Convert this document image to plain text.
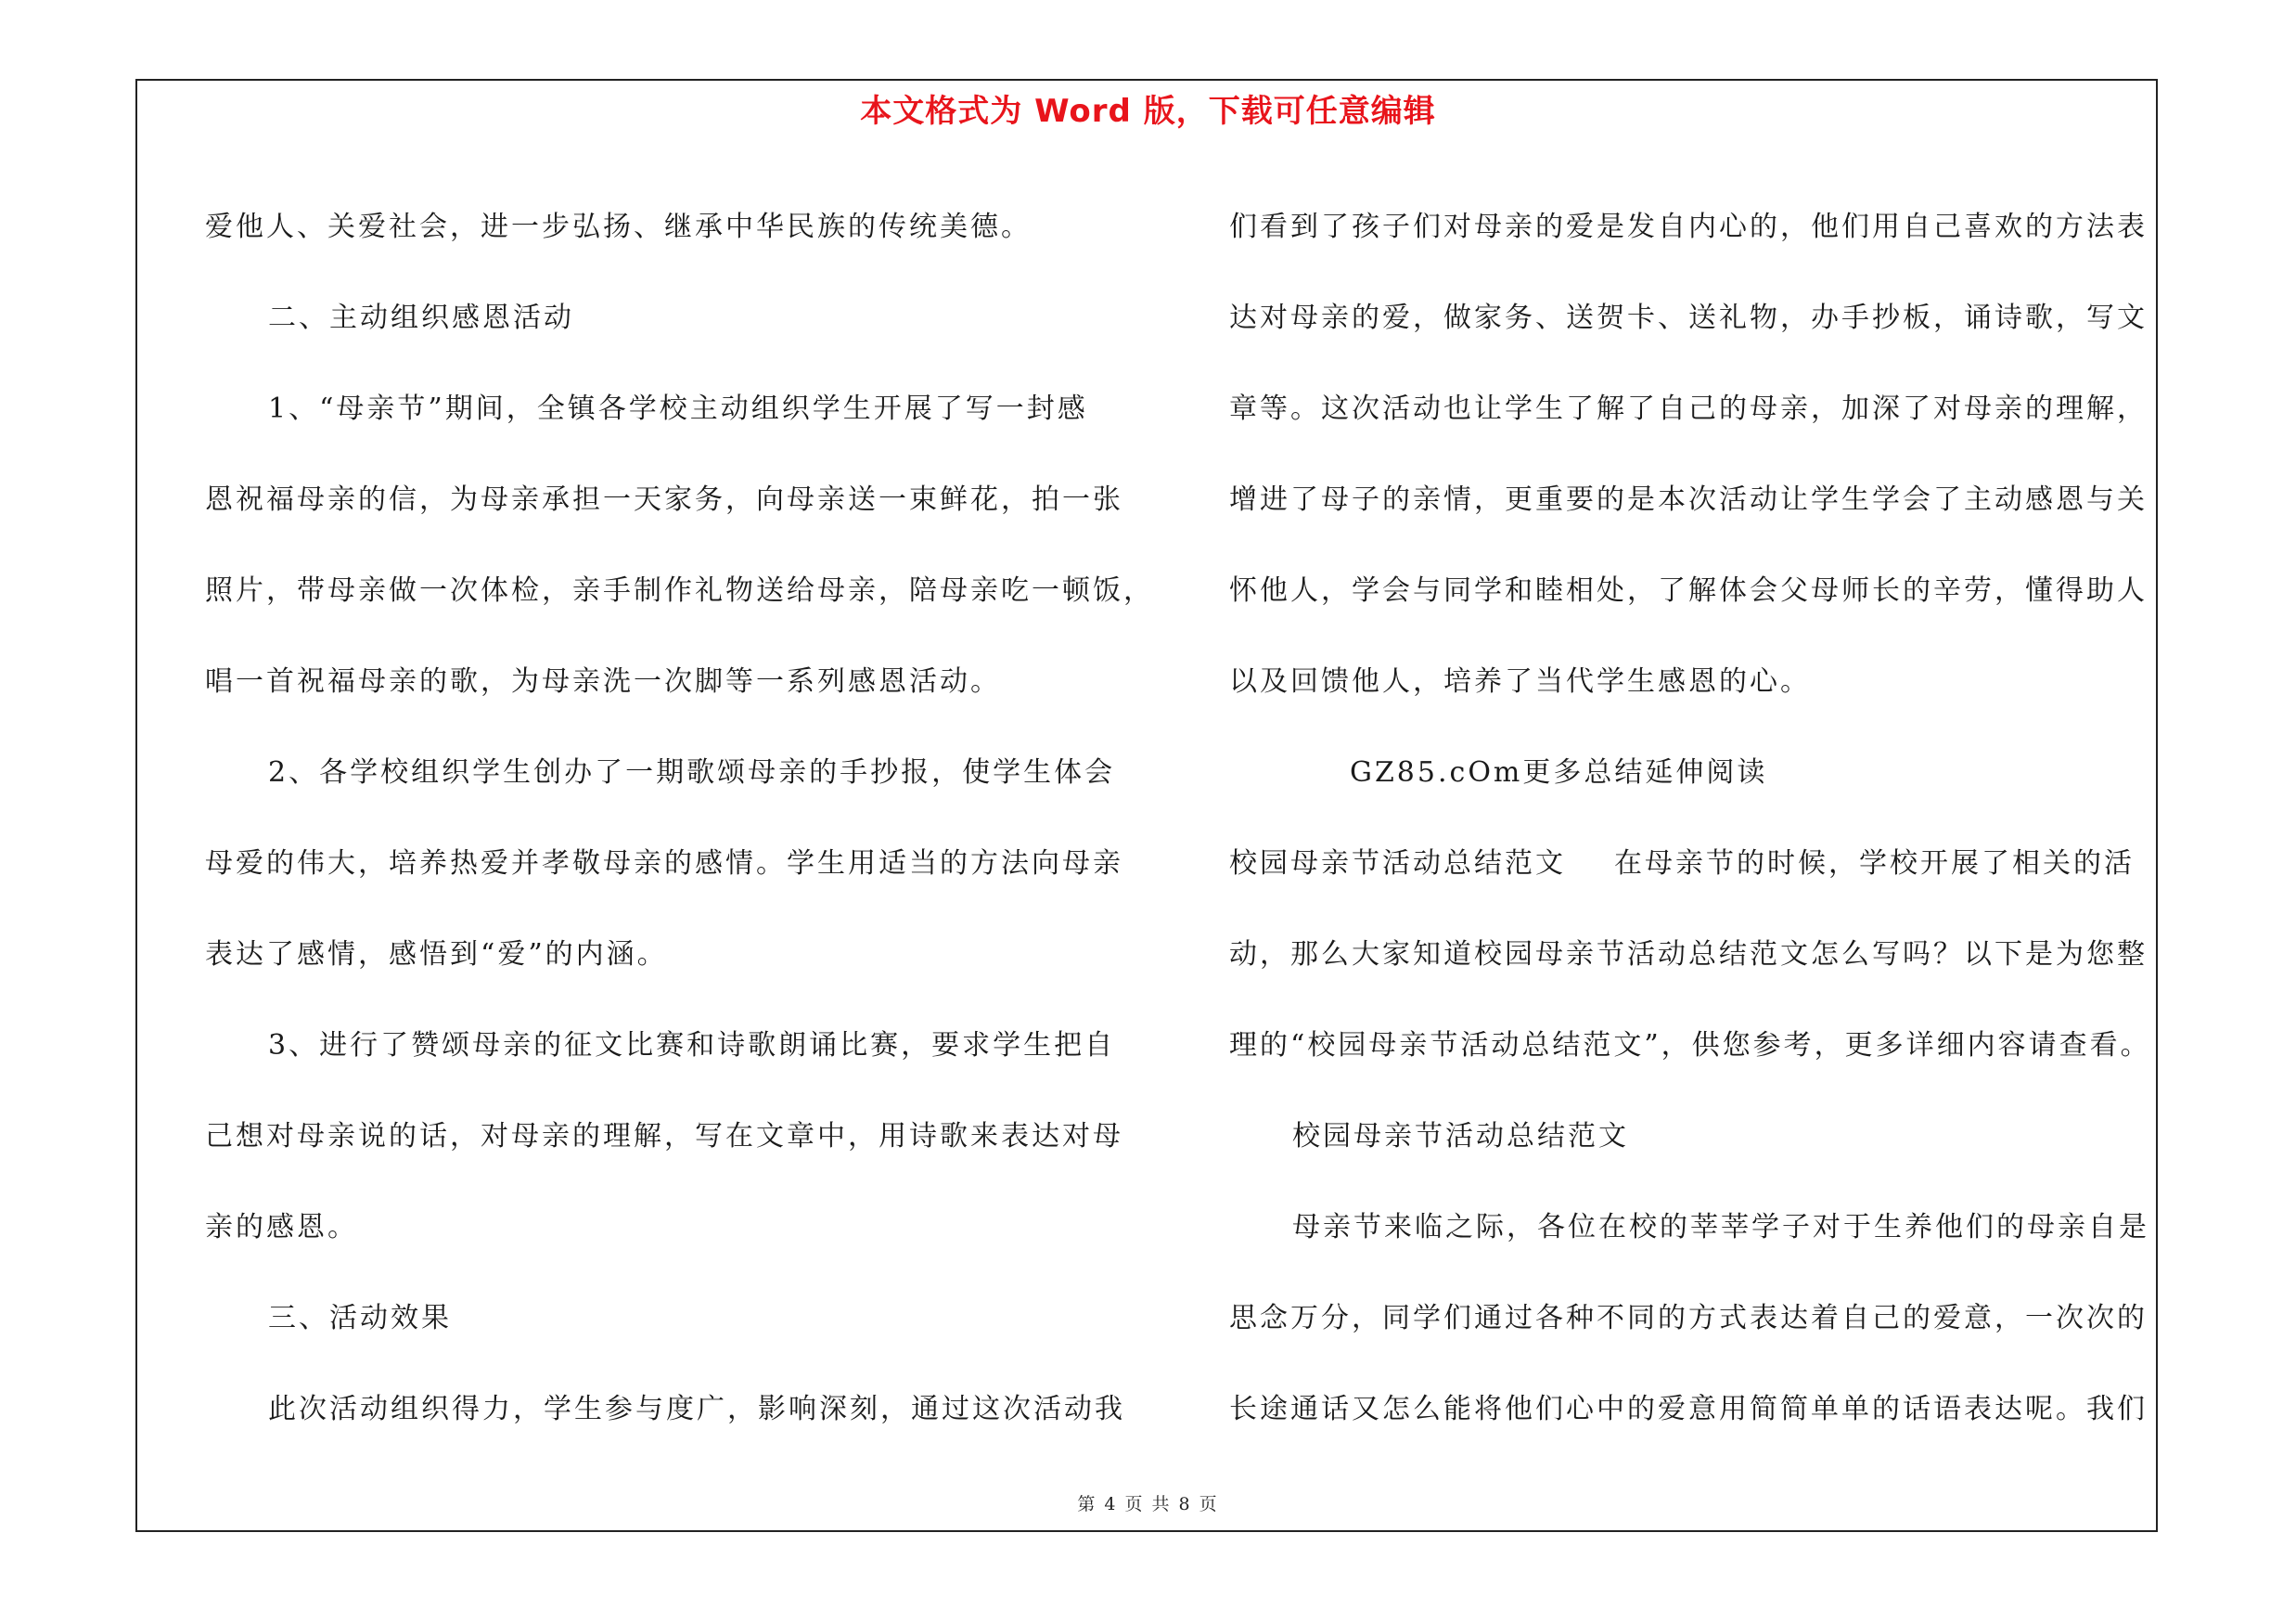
本文格式为 Word 版，下载可任意编辑

爱他人、关爱社会，进一步弘扬、继承中华民族的传统美德。

二、主动组织感恩活动

1、“母亲节”期间，全镇各学校主动组织学生开展了写一封感

恩祝福母亲的信，为母亲承担一天家务，向母亲送一束鲜花，拍一张

照片，带母亲做一次体检，亲手制作礼物送给母亲，陪母亲吃一顿饭，

唱一首祝福母亲的歌，为母亲洗一次脚等一系列感恩活动。

2、各学校组织学生创办了一期歌颂母亲的手抄报，使学生体会

母爱的伟大，培养热爱并孝敬母亲的感情。学生用适当的方法向母亲

表达了感情，感悟到“爱”的内涵。

3、进行了赞颂母亲的征文比赛和诗歌朗诵比赛，要求学生把自

己想对母亲说的话，对母亲的理解，写在文章中，用诗歌来表达对母

亲的感恩。

三、活动效果

此次活动组织得力，学生参与度广，影响深刻，通过这次活动我

们看到了孩子们对母亲的爱是发自内心的，他们用自己喜欢的方法表

达对母亲的爱，做家务、送贺卡、送礼物，办手抄板，诵诗歌，写文

章等。这次活动也让学生了解了自己的母亲，加深了对母亲的理解，

增进了母子的亲情，更重要的是本次活动让学生学会了主动感恩与关

怀他人，学会与同学和睦相处，了解体会父母师长的辛劳，懂得助人

以及回馈他人，培养了当代学生感恩的心。

GZ85.cOm更多总结延伸阅读

校园母亲节活动总结范文 在母亲节的时候，学校开展了相关的活

动，那么大家知道校园母亲节活动总结范文怎么写吗？以下是为您整

理的“校园母亲节活动总结范文”，供您参考，更多详细内容请查看。

校园母亲节活动总结范文

母亲节来临之际，各位在校的莘莘学子对于生养他们的母亲自是

思念万分，同学们通过各种不同的方式表达着自己的爱意，一次次的

长途通话又怎么能将他们心中的爱意用简简单单的话语表达呢。我们

第 4 页 共 8 页
